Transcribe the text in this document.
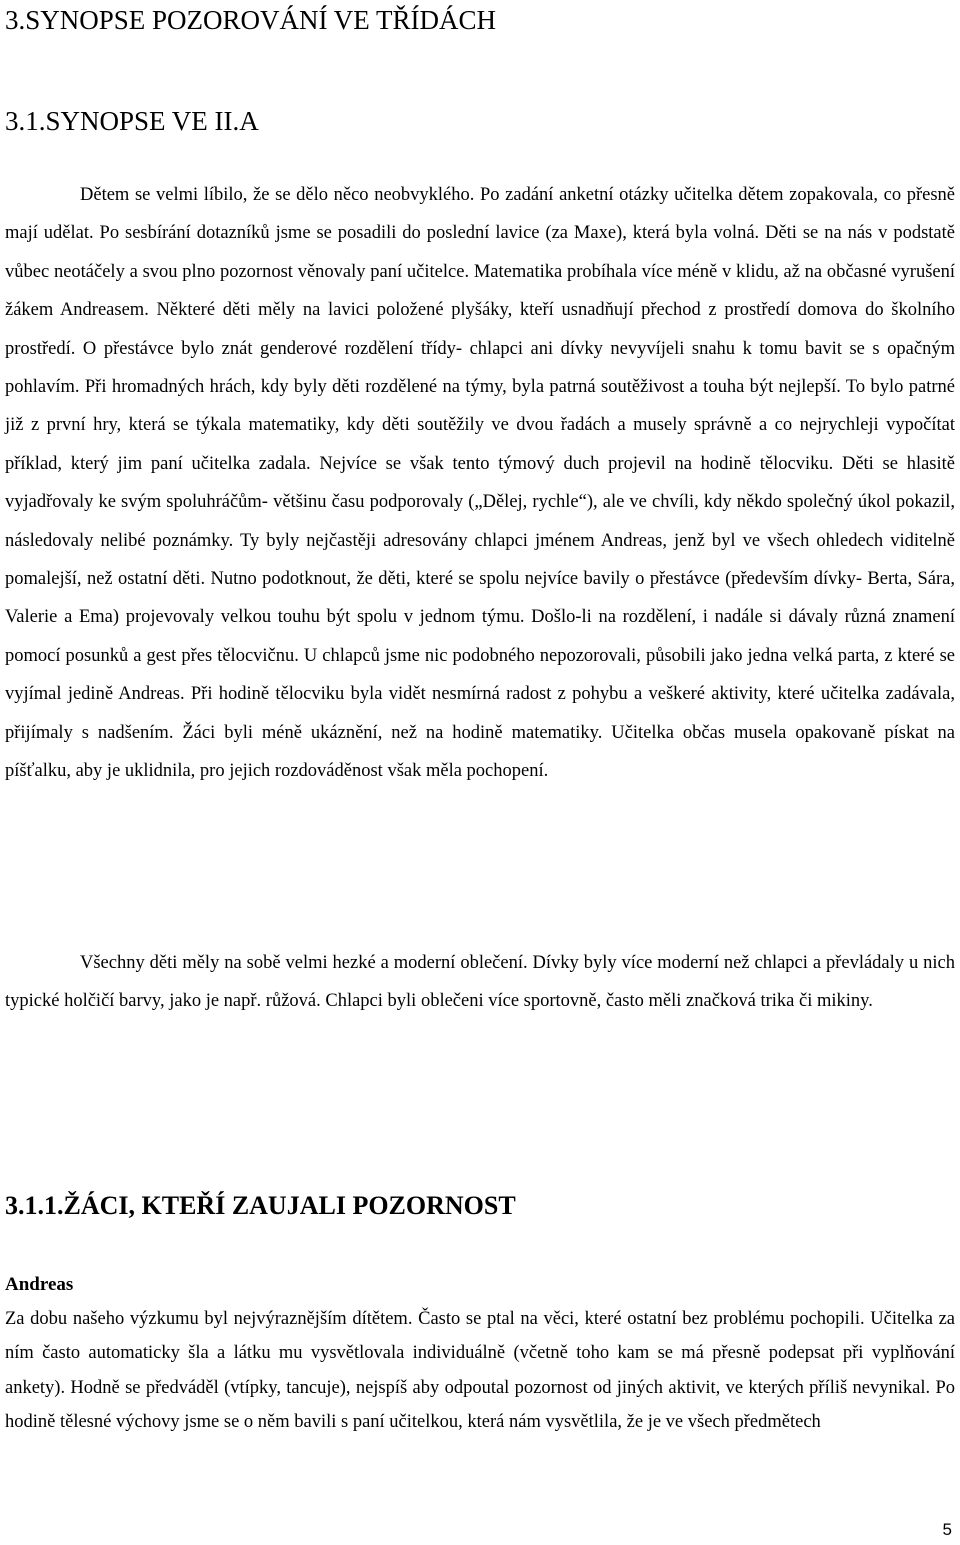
3.SYNOPSE POZOROVÁNÍ VE TŘÍDÁCH
3.1.SYNOPSE VE II.A

Dětem se velmi líbilo, že se dělo něco neobvyklého. Po zadání anketní otázky učitelka dětem zopakovala, co přesně mají udělat. Po sesbírání dotazníků jsme se posadili do poslední lavice (za Maxe), která byla volná. Děti se na nás v podstatě vůbec neotáčely a svou plno pozornost věnovaly paní učitelce. Matematika probíhala více méně v klidu, až na občasné vyrušení žákem Andreasem. Některé děti měly na lavici položené plyšáky, kteří usnadňují přechod z prostředí domova do školního prostředí. O přestávce bylo znát genderové rozdělení třídy- chlapci ani dívky nevyvíjeli snahu k tomu bavit se s opačným pohlavím. Při hromadných hrách, kdy byly děti rozdělené na týmy, byla patrná soutěživost a touha být nejlepší. To bylo patrné již z první hry, která se týkala matematiky, kdy děti soutěžily ve dvou řadách a musely správně a co nejrychleji vypočítat příklad, který jim paní učitelka zadala. Nejvíce se však tento týmový duch projevil na hodině tělocviku. Děti se hlasitě vyjadřovaly ke svým spoluhráčům- většinu času podporovaly („Dělej, rychle“), ale ve chvíli, kdy někdo společný úkol pokazil, následovaly nelibé poznámky. Ty byly nejčastěji adresovány chlapci jménem Andreas, jenž byl ve všech ohledech viditelně pomalejší, než ostatní děti. Nutno podotknout, že děti, které se spolu nejvíce bavily o přestávce (především dívky- Berta, Sára, Valerie a Ema) projevovaly velkou touhu být spolu v jednom týmu. Došlo-li na rozdělení, i nadále si dávaly různá znamení pomocí posunků a gest přes tělocvičnu. U chlapců jsme nic podobného nepozorovali, působili jako jedna velká parta, z které se vyjímal jedině Andreas. Při hodině tělocviku byla vidět nesmírná radost z pohybu a veškeré aktivity, které učitelka zadávala, přijímaly s nadšením. Žáci byli méně ukáznění, než na hodině matematiky. Učitelka občas musela opakovaně pískat na píšťalku, aby je uklidnila, pro jejich rozdováděnost však měla pochopení.

Všechny děti měly na sobě velmi hezké a moderní oblečení. Dívky byly více moderní než chlapci a převládaly u nich typické holčičí barvy, jako je např. růžová. Chlapci byli oblečeni více sportovně, často měli značková trika či mikiny.

3.1.1.ŽÁCI, KTEŘÍ ZAUJALI POZORNOST
Andreas

Za dobu našeho výzkumu byl nejvýraznějším dítětem. Často se ptal na věci, které ostatní bez problému pochopili. Učitelka za ním často automaticky šla a látku mu vysvětlovala individuálně (včetně toho kam se má přesně podepsat při vyplňování ankety). Hodně se předváděl (vtípky, tancuje), nejspíš aby odpoutal pozornost od jiných aktivit, ve kterých příliš nevynikal. Po hodině tělesné výchovy jsme se o něm bavili s paní učitelkou, která nám vysvětlila, že je ve všech předmětech

5
